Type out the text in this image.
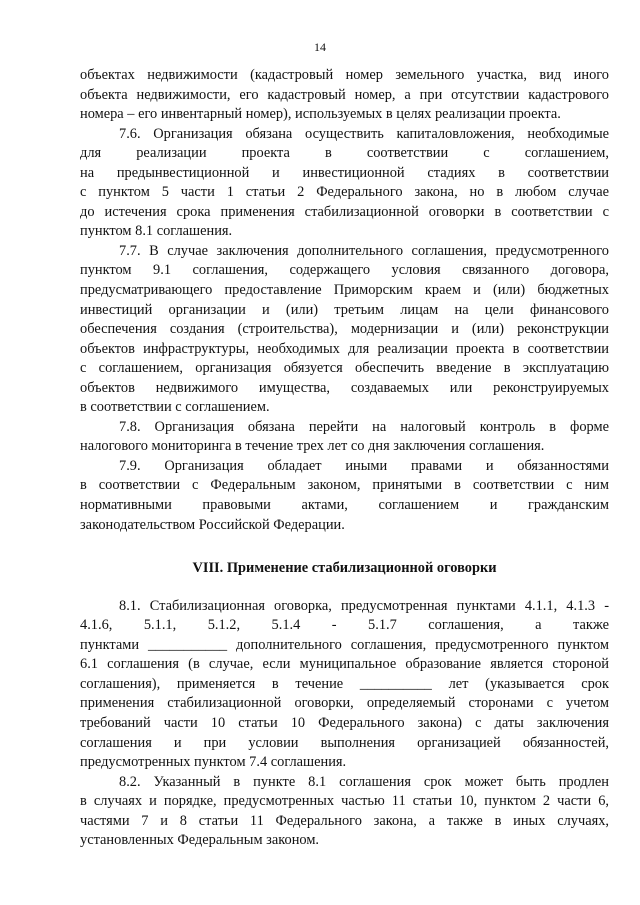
14
объектах недвижимости (кадастровый номер земельного участка, вид иного
объекта недвижимости, его кадастровый номер, а при отсутствии кадастрового
номера – его инвентарный номер), используемых в целях реализации проекта.
7.6. Организация обязана осуществить капиталовложения, необходимые
для реализации проекта в соответствии с соглашением,
на предынвестиционной и инвестиционной стадиях в соответствии
с пунктом 5 части 1 статьи 2 Федерального закона, но в любом случае
до истечения срока применения стабилизационной оговорки в соответствии с
пунктом 8.1 соглашения.
7.7. В случае заключения дополнительного соглашения, предусмотренного
пунктом 9.1 соглашения, содержащего условия связанного договора,
предусматривающего предоставление Приморским краем и (или) бюджетных
инвестиций организации и (или) третьим лицам на цели финансового
обеспечения создания (строительства), модернизации и (или) реконструкции
объектов инфраструктуры, необходимых для реализации проекта в соответствии
с соглашением, организация обязуется обеспечить введение в эксплуатацию
объектов недвижимого имущества, создаваемых или реконструируемых
в соответствии с соглашением.
7.8. Организация обязана перейти на налоговый контроль в форме
налогового мониторинга в течение трех лет со дня заключения соглашения.
7.9. Организация обладает иными правами и обязанностями
в соответствии с Федеральным законом, принятыми в соответствии с ним
нормативными правовыми актами, соглашением и гражданским
законодательством Российской Федерации.
VIII. Применение стабилизационной оговорки
8.1. Стабилизационная оговорка, предусмотренная пунктами 4.1.1, 4.1.3 -
4.1.6, 5.1.1, 5.1.2, 5.1.4 - 5.1.7 соглашения, а также
пунктами ___________ дополнительного соглашения, предусмотренного пунктом
6.1 соглашения (в случае, если муниципальное образование является стороной
соглашения), применяется в течение __________ лет (указывается срок
применения стабилизационной оговорки, определяемый сторонами с учетом
требований части 10 статьи 10 Федерального закона) с даты заключения
соглашения и при условии выполнения организацией обязанностей,
предусмотренных пунктом 7.4 соглашения.
8.2. Указанный в пункте 8.1 соглашения срок может быть продлен
в случаях и порядке, предусмотренных частью 11 статьи 10, пунктом 2 части 6,
частями 7 и 8 статьи 11 Федерального закона, а также в иных случаях,
установленных Федеральным законом.
